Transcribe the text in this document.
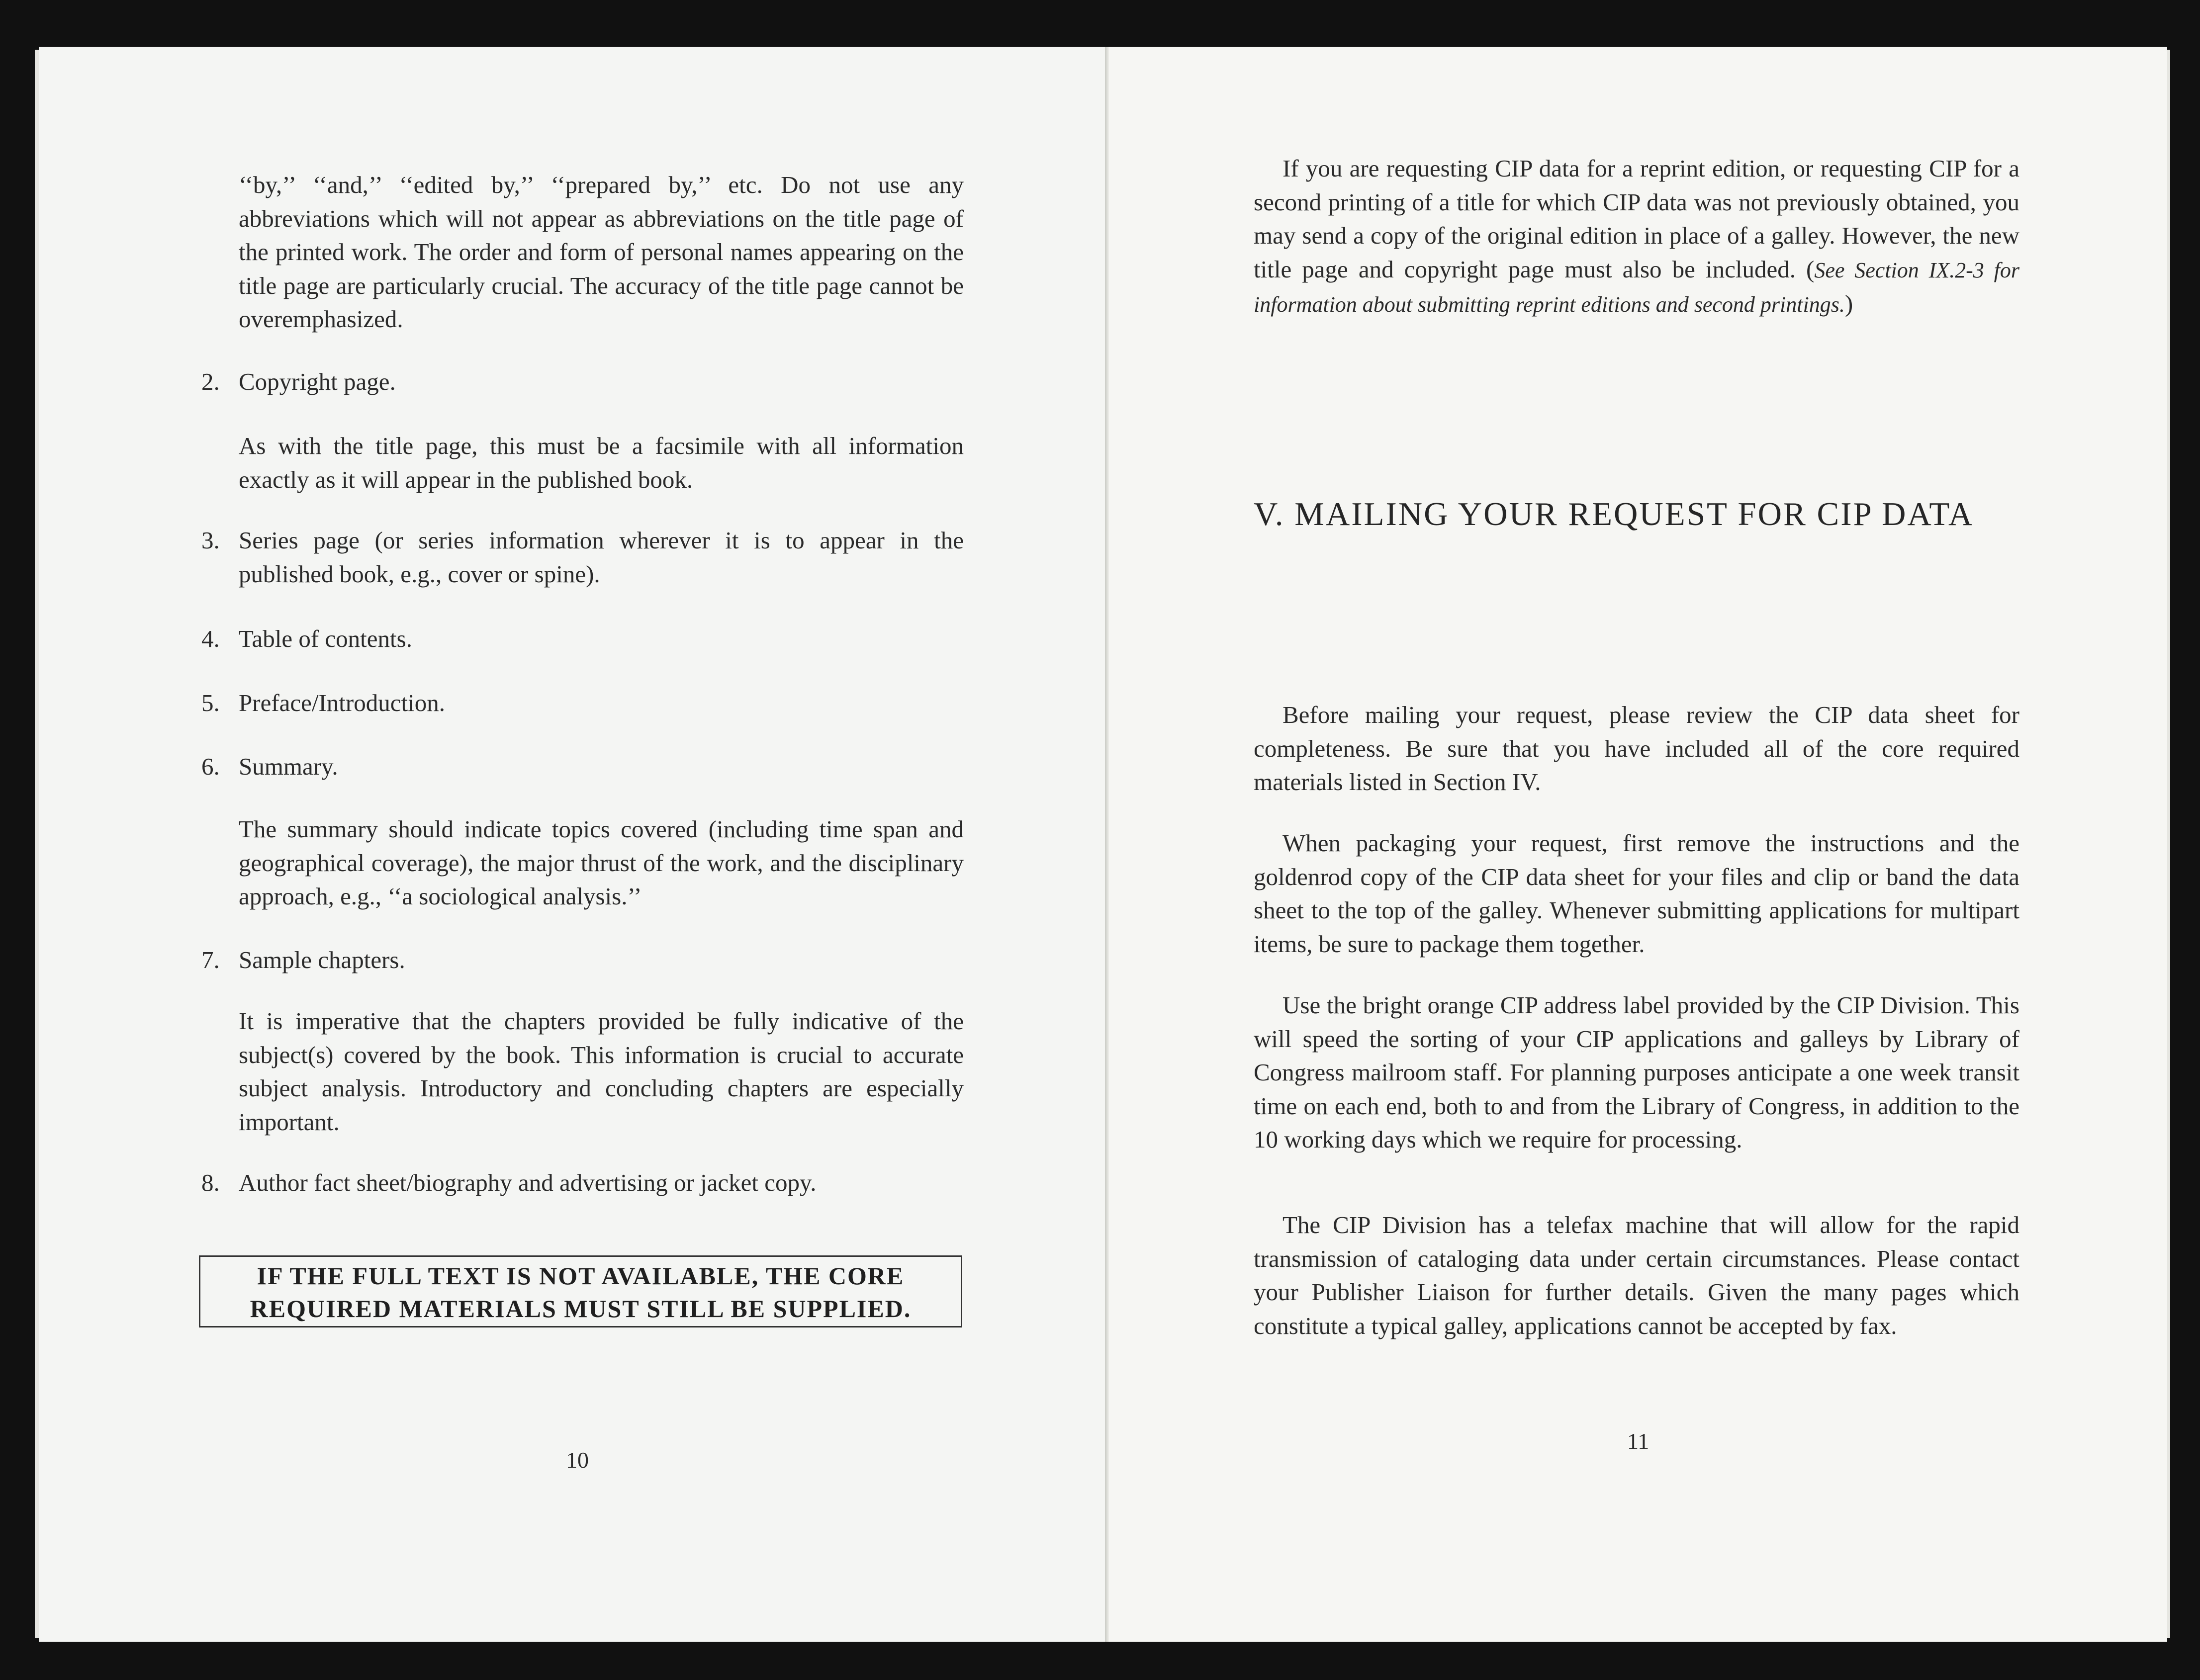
‘‘by,’’ ‘‘and,’’ ‘‘edited by,’’ ‘‘prepared by,’’ etc. Do not use any abbreviations which will not appear as abbreviations on the title page of the printed work. The order and form of personal names appearing on the title page are particularly crucial. The accuracy of the title page cannot be overemphasized.

2. Copyright page.

As with the title page, this must be a facsimile with all information exactly as it will appear in the published book.

3. Series page (or series information wherever it is to appear in the published book, e.g., cover or spine).

4. Table of contents.

5. Preface/Introduction.

6. Summary.

The summary should indicate topics covered (including time span and geographical coverage), the major thrust of the work, and the disciplinary approach, e.g., ‘‘a sociological analysis.’’

7. Sample chapters.

It is imperative that the chapters provided be fully indicative of the subject(s) covered by the book. This information is crucial to accurate subject analysis. Introductory and concluding chapters are especially important.

8. Author fact sheet/biography and advertising or jacket copy.

IF THE FULL TEXT IS NOT AVAILABLE, THE CORE
REQUIRED MATERIALS MUST STILL BE SUPPLIED.
10

If you are requesting CIP data for a reprint edition, or requesting CIP for a second printing of a title for which CIP data was not previously obtained, you may send a copy of the original edition in place of a galley. However, the new title page and copyright page must also be included. (See Section IX.2-3 for information about submitting reprint editions and second printings.)

V. MAILING YOUR REQUEST FOR CIP DATA

Before mailing your request, please review the CIP data sheet for completeness. Be sure that you have included all of the core required materials listed in Section IV.

When packaging your request, first remove the instructions and the goldenrod copy of the CIP data sheet for your files and clip or band the data sheet to the top of the galley. Whenever submitting applications for multipart items, be sure to package them together.

Use the bright orange CIP address label provided by the CIP Division. This will speed the sorting of your CIP applications and galleys by Library of Congress mailroom staff. For planning purposes anticipate a one week transit time on each end, both to and from the Library of Congress, in addition to the 10 working days which we require for processing.

The CIP Division has a telefax machine that will allow for the rapid transmission of cataloging data under certain circumstances. Please contact your Publisher Liaison for further details. Given the many pages which constitute a typical galley, applications cannot be accepted by fax.

11
